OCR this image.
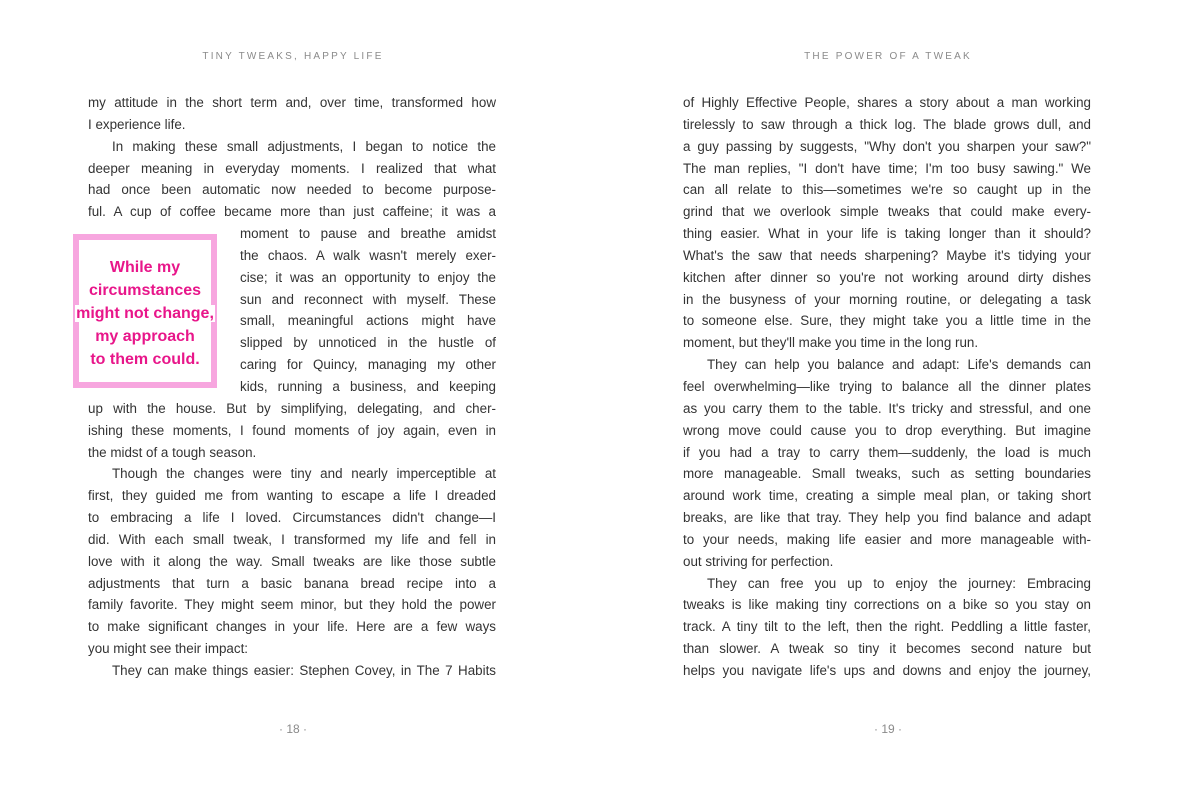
TINY TWEAKS, HAPPY LIFE
While my
circumstances
might not change,
my approach
to them could.
my attitude in the short term and, over time, transformed how
I experience life.
In making these small adjustments, I began to notice the
deeper meaning in everyday moments. I realized that what
had once been automatic now needed to become purpose-
ful. A cup of coffee became more than just caffeine; it was a
moment to pause and breathe amidst
the chaos. A walk wasn't merely exer-
cise; it was an opportunity to enjoy the
sun and reconnect with myself. These
small, meaningful actions might have
slipped by unnoticed in the hustle of
caring for Quincy, managing my other
kids, running a business, and keeping
up with the house. But by simplifying, delegating, and cher-
ishing these moments, I found moments of joy again, even in
the midst of a tough season.
Though the changes were tiny and nearly imperceptible at
first, they guided me from wanting to escape a life I dreaded
to embracing a life I loved. Circumstances didn't change—I
did. With each small tweak, I transformed my life and fell in
love with it along the way. Small tweaks are like those subtle
adjustments that turn a basic banana bread recipe into a
family favorite. They might seem minor, but they hold the power
to make significant changes in your life. Here are a few ways
you might see their impact:
They can make things easier: Stephen Covey, in The 7 Habits
· 18 ·
THE POWER OF A TWEAK
of Highly Effective People, shares a story about a man working
tirelessly to saw through a thick log. The blade grows dull, and
a guy passing by suggests, "Why don't you sharpen your saw?"
The man replies, "I don't have time; I'm too busy sawing." We
can all relate to this—sometimes we're so caught up in the
grind that we overlook simple tweaks that could make every-
thing easier. What in your life is taking longer than it should?
What's the saw that needs sharpening? Maybe it's tidying your
kitchen after dinner so you're not working around dirty dishes
in the busyness of your morning routine, or delegating a task
to someone else. Sure, they might take you a little time in the
moment, but they'll make you time in the long run.
They can help you balance and adapt: Life's demands can
feel overwhelming—like trying to balance all the dinner plates
as you carry them to the table. It's tricky and stressful, and one
wrong move could cause you to drop everything. But imagine
if you had a tray to carry them—suddenly, the load is much
more manageable. Small tweaks, such as setting boundaries
around work time, creating a simple meal plan, or taking short
breaks, are like that tray. They help you find balance and adapt
to your needs, making life easier and more manageable with-
out striving for perfection.
They can free you up to enjoy the journey: Embracing
tweaks is like making tiny corrections on a bike so you stay on
track. A tiny tilt to the left, then the right. Peddling a little faster,
than slower. A tweak so tiny it becomes second nature but
helps you navigate life's ups and downs and enjoy the journey,
· 19 ·
